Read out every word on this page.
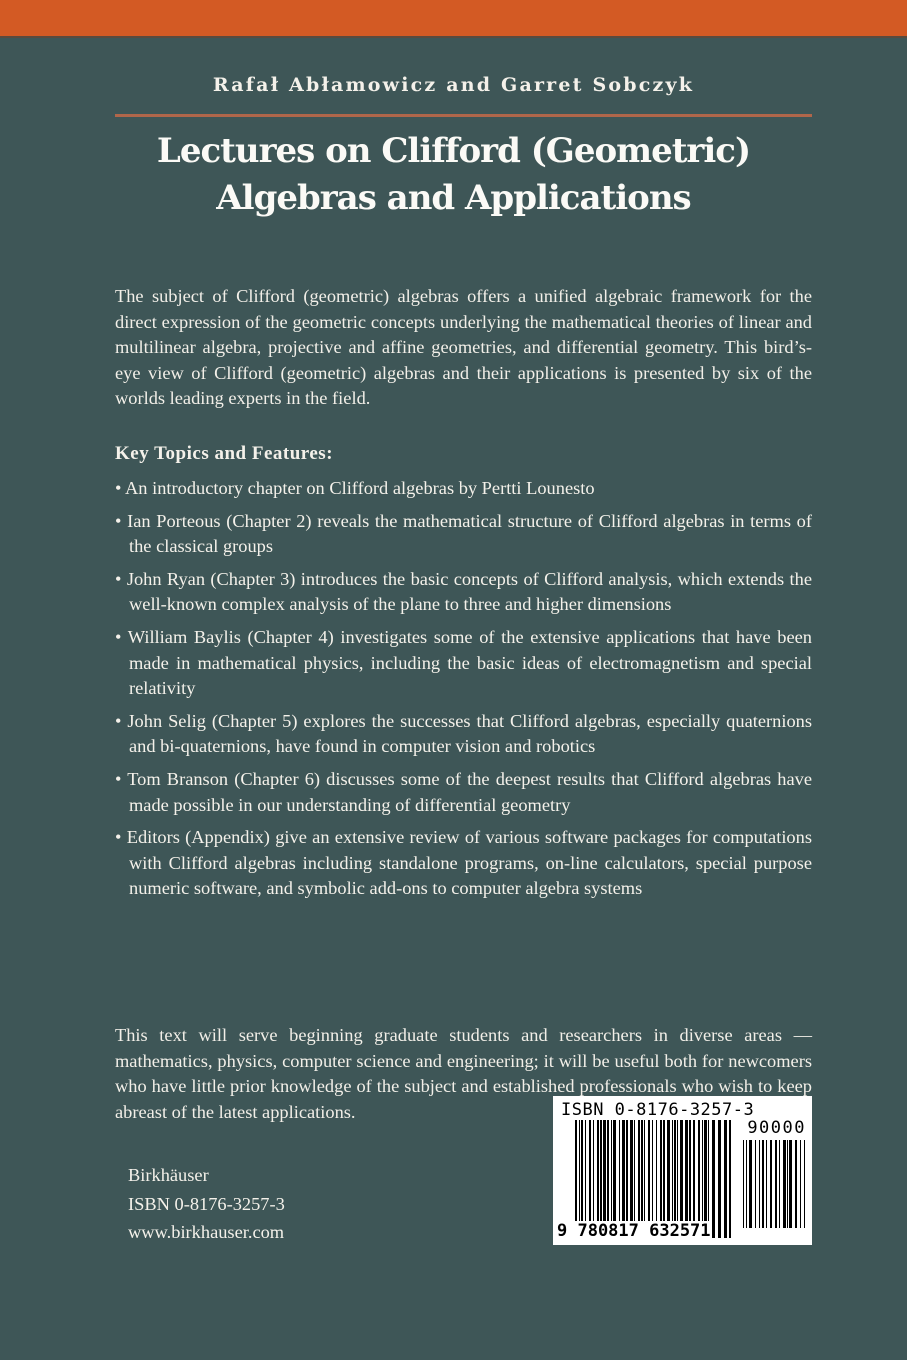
Rafał Abłamowicz and Garret Sobczyk
Lectures on Clifford (Geometric)
Algebras and Applications
The subject of Clifford (geometric) algebras offers a unified algebraic framework for the direct expression of the geometric concepts underlying the mathematical theories of linear and multilinear algebra, projective and affine geometries, and differential geometry. This bird’s-eye view of Clifford (geometric) algebras and their applications is presented by six of the worlds leading experts in the field.
Key Topics and Features:
• An introductory chapter on Clifford algebras by Pertti Lounesto
• Ian Porteous (Chapter 2) reveals the mathematical structure of Clifford algebras in terms of the classical groups
• John Ryan (Chapter 3) introduces the basic concepts of Clifford analysis, which extends the well-known complex analysis of the plane to three and higher dimensions
• William Baylis (Chapter 4) investigates some of the extensive applications that have been made in mathematical physics, including the basic ideas of electromagnetism and special relativity
• John Selig (Chapter 5) explores the successes that Clifford algebras, especially quaternions and bi-quaternions, have found in computer vision and robotics
• Tom Branson (Chapter 6) discusses some of the deepest results that Clifford algebras have made possible in our understanding of differential geometry
• Editors (Appendix) give an extensive review of various software packages for computations with Clifford algebras including standalone programs, on-line calculators, special purpose numeric software, and symbolic add-ons to computer algebra systems
This text will serve beginning graduate students and researchers in diverse areas — mathematics, physics, computer science and engineering; it will be useful both for newcomers who have little prior knowledge of the subject and established professionals who wish to keep abreast of the latest applications.
Birkhäuser
ISBN 0-8176-3257-3
www.birkhauser.com
ISBN 0-8176-3257-3
90000
9 780817 632571
